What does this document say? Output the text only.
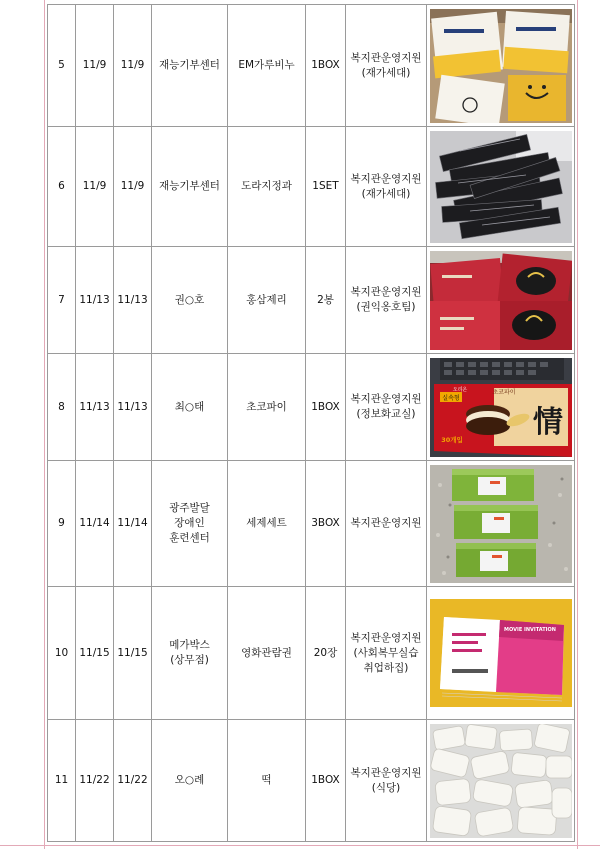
5	11/9	11/9	재능기부센터	EM가루비누	1BOX	복지관운영지원
(재가세대)

6	11/9	11/9	재능기부센터	도라지정과	1SET	복지관운영지원
(재가세대)

7	11/13	11/13	권○호	홍삼제리	2봉	복지관운영지원
(권익옹호팀)

8	11/13	11/13	최○태	초코파이	1BOX	복지관운영지원
(정보화교실)	실속형
오리온 초코파이
情
30개입

9	11/14	11/14	광주발달
장애인
훈련센터	세제세트	3BOX	복지관운영지원

10	11/15	11/15	메가박스
(상무점)	영화관람권	20장	복지관운영지원
(사회복무실습
취업하집)	MOVIE INVITATION

11	11/22	11/22	오○례	떡	1BOX	복지관운영지원
(식당)
